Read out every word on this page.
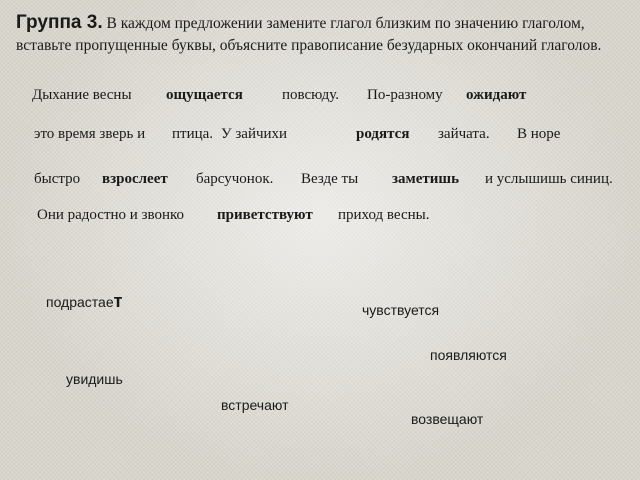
Группа 3. В каждом предложении замените глагол близким по значению глаголом, вставьте пропущенные буквы, объясните правописание безударных окончаний глаголов.
Дыхание весны ощущается	повсюду. По-разному ожидают
это время зверь и птица. У зайчихи	родятся зайчата. В норе
быстро взрослеет барсучонок. Везде ты заметишь и услышишь синиц.
Они радостно и звонко приветствуют приход весны.
подрастает	чувствуется
появляются
увидишь
встречают
возвещают
